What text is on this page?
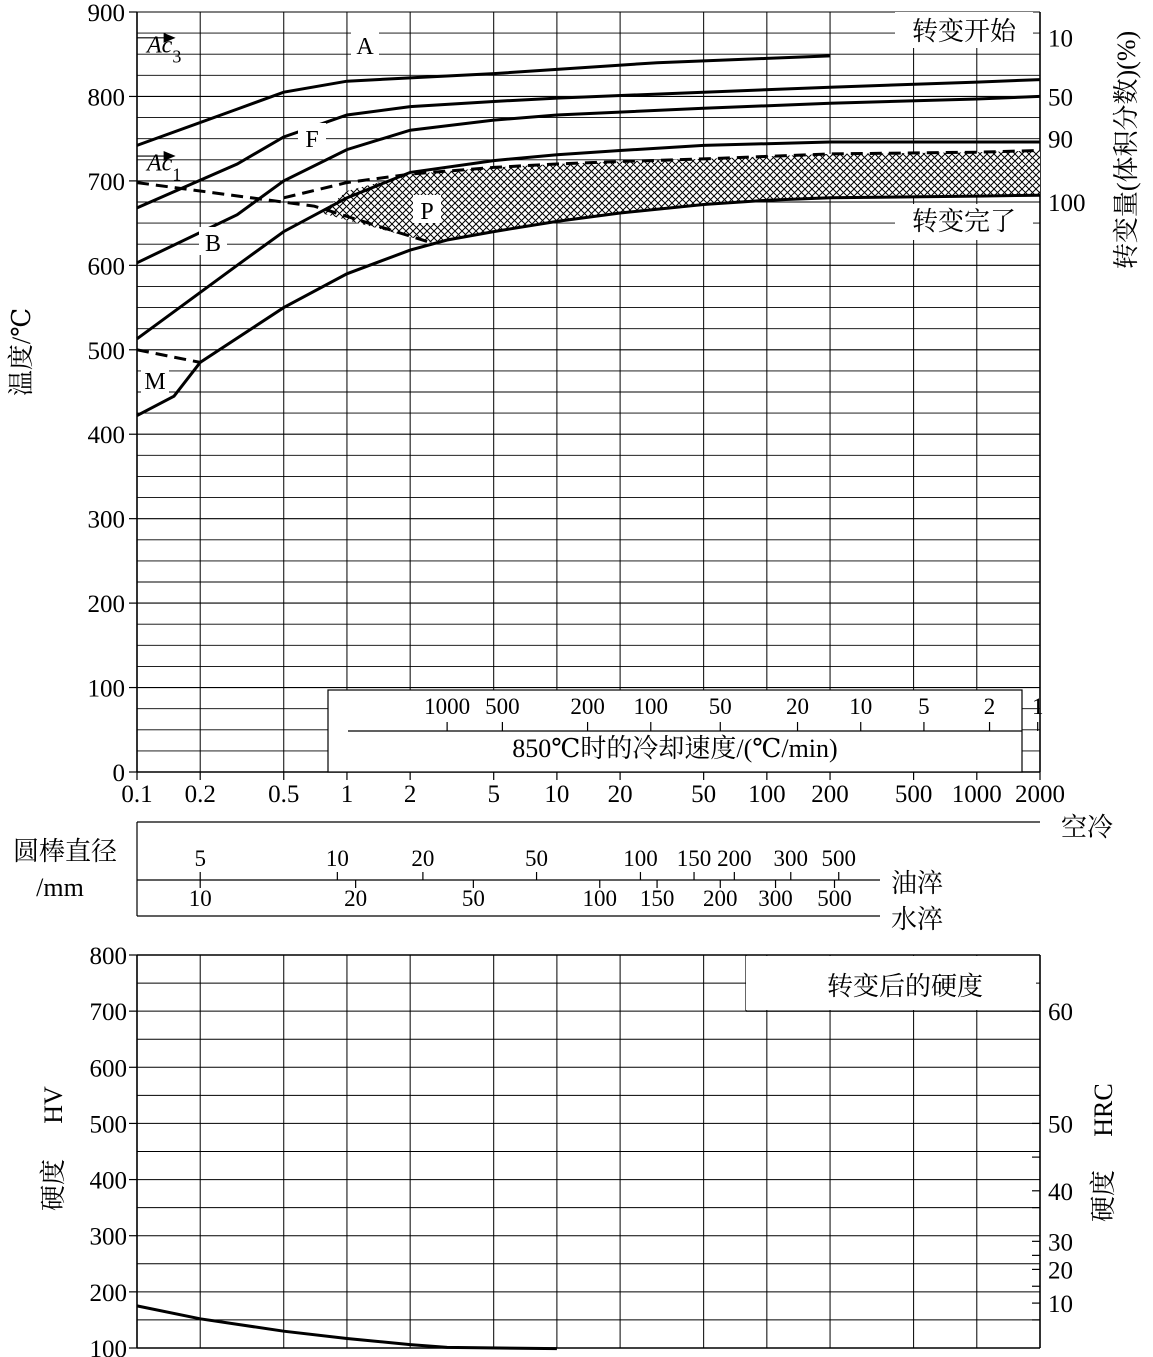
0
100
200
300
400
500
600
700
800
900
温度/℃
0.1 0.2 0.5 1 2	5 10 20 50 100 200 500 1000 2000
10
50
90
100 转变量(体积分数)(%)
$Ac_3$
$Ac_1$
A
F
P
B
M
转变开始
转变完了
1000 500 200 100 50 20 10 5 2 1
850℃时的冷却速度/(℃/min)
空冷
油淬
水淬
圆棒直径
/mm
5	10	20	50	100 150 200 300 500
10	20	50	100 150 200 300 500
转变后的硬度
100
200
300
400
500
600
700
800
HV
硬度
60
50
40
30
20
10
HRC
硬度
